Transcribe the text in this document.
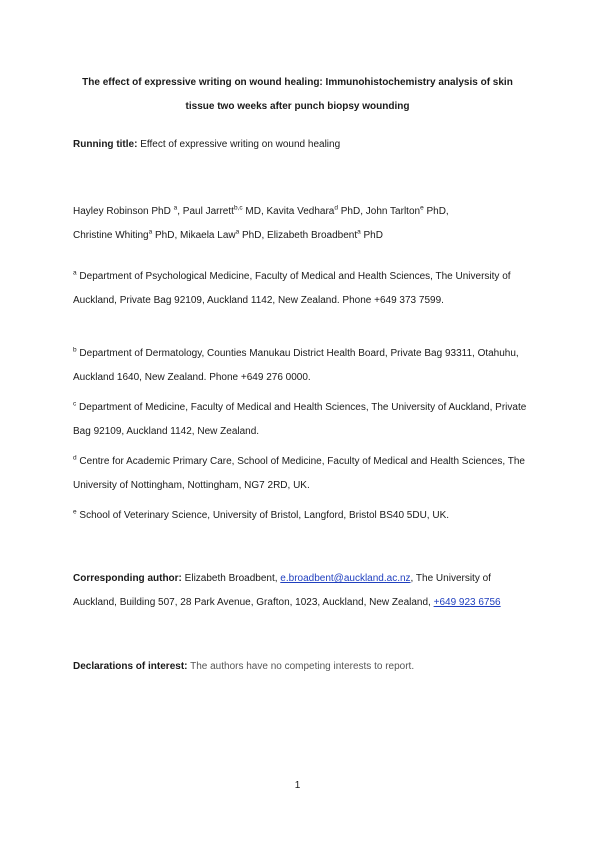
The effect of expressive writing on wound healing: Immunohistochemistry analysis of skin
tissue two weeks after punch biopsy wounding
Running title: Effect of expressive writing on wound healing
Hayley Robinson PhD $^a$, Paul Jarrett$^{b,c}$ MD, Kavita Vedhara$^d$ PhD, John Tarlton$^e$ PhD,
Christine Whiting$^a$ PhD, Mikaela Law$^a$ PhD, Elizabeth Broadbent$^a$ PhD
$^a$ Department of Psychological Medicine, Faculty of Medical and Health Sciences, The University of Auckland, Private Bag 92109, Auckland 1142, New Zealand. Phone +649 373 7599.
$^b$ Department of Dermatology, Counties Manukau District Health Board, Private Bag 93311, Otahuhu, Auckland 1640, New Zealand. Phone +649 276 0000.
$^c$ Department of Medicine, Faculty of Medical and Health Sciences, The University of Auckland, Private Bag 92109, Auckland 1142, New Zealand.
$^d$ Centre for Academic Primary Care, School of Medicine, Faculty of Medical and Health Sciences, The University of Nottingham, Nottingham, NG7 2RD, UK.
$^e$ School of Veterinary Science, University of Bristol, Langford, Bristol BS40 5DU, UK.
Corresponding author: Elizabeth Broadbent, e.broadbent@auckland.ac.nz, The University of Auckland, Building 507, 28 Park Avenue, Grafton, 1023, Auckland, New Zealand, +649 923 6756
Declarations of interest: The authors have no competing interests to report.
1
